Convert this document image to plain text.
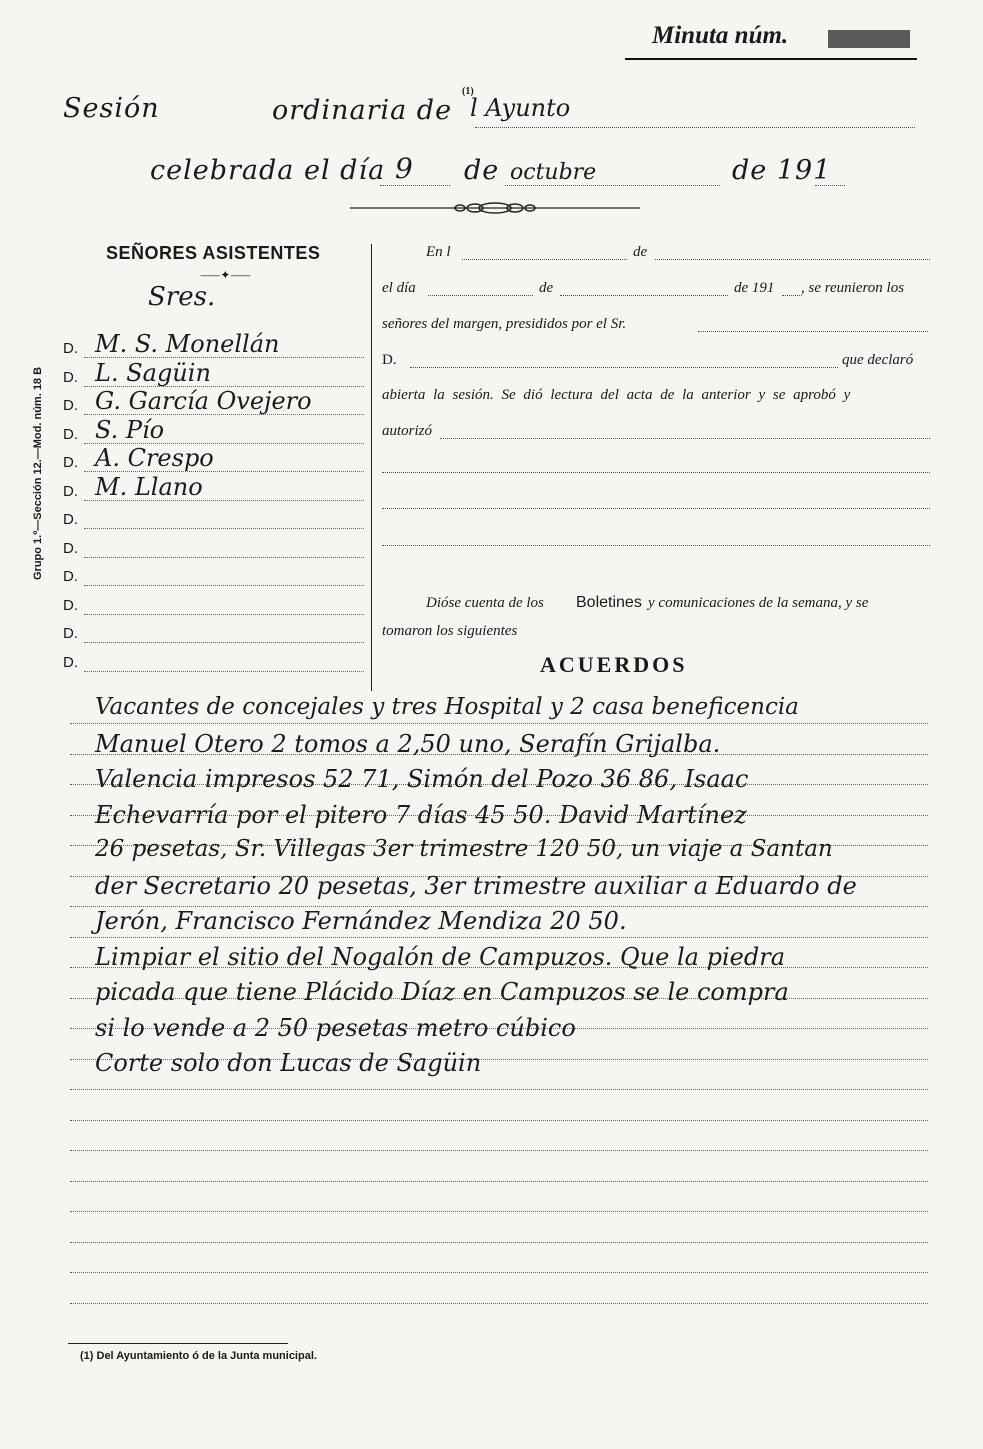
Minuta núm.
Sesión	ordinaria de
(1)
l Ayunto
celebrada el día 9 de octubre	de 191
SEÑORES ASISTENTES
⸺✦⸺
Sres.
D. M. S. Monellán
D. L. Sagüin
D. G. García Ovejero
D. S. Pío
D. A. Crespo
D. M. Llano
D.
D.
D.
D.
D.
D.
Grupo 1.º—Sección 12.—Mod. núm. 18 B
En l	de
el día	de	de 191 , se reunieron los
señores del margen, presididos por el Sr.
D.	que declaró
abierta la sesión. Se dió lectura del acta de la anterior y se aprobó y
autorizó
Dióse cuenta de los Boletines y comunicaciones de la semana, y se
tomaron los siguientes
ACUERDOS
Vacantes de concejales y tres Hospital y 2 casa beneficencia
Manuel Otero 2 tomos a 2,50 uno, Serafín Grijalba.
Valencia impresos 52 71, Simón del Pozo 36 86, Isaac
Echevarría por el pitero 7 días 45 50. David Martínez
26 pesetas, Sr. Villegas 3er trimestre 120 50, un viaje a Santan
der Secretario 20 pesetas, 3er trimestre auxiliar a Eduardo de
Jerón, Francisco Fernández Mendiza 20 50.
Limpiar el sitio del Nogalón de Campuzos. Que la piedra
picada que tiene Plácido Díaz en Campuzos se le compra
si lo vende a 2 50 pesetas metro cúbico
Corte solo don Lucas de Sagüin
(1) Del Ayuntamiento ó de la Junta municipal.
